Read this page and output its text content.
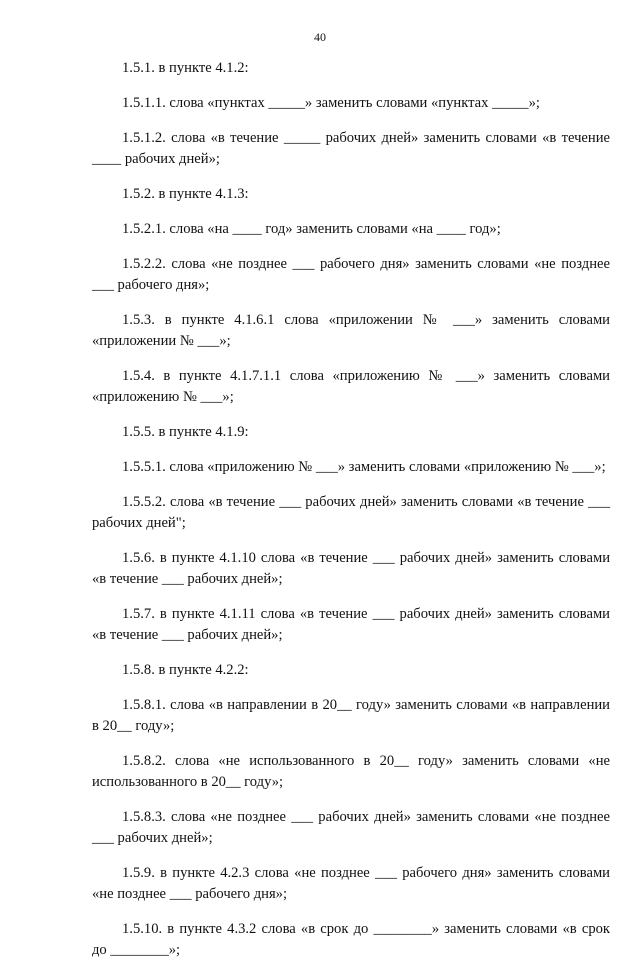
40

1.5.1. в пункте 4.1.2:

1.5.1.1. слова «пунктах _____» заменить словами «пунктах _____»;

1.5.1.2. слова «в течение _____ рабочих дней» заменить словами «в течение ____ рабочих дней»;

1.5.2. в пункте 4.1.3:

1.5.2.1. слова «на ____ год» заменить словами «на ____ год»;

1.5.2.2. слова «не позднее ___ рабочего дня» заменить словами «не позднее ___ рабочего дня»;

1.5.3. в пункте 4.1.6.1 слова «приложении № ___» заменить словами «приложении № ___»;

1.5.4. в пункте 4.1.7.1.1 слова «приложению № ___» заменить словами «приложению № ___»;

1.5.5. в пункте 4.1.9:

1.5.5.1. слова «приложению № ___» заменить словами «приложению № ___»;

1.5.5.2. слова «в течение ___ рабочих дней» заменить словами «в течение ___ рабочих дней";

1.5.6. в пункте 4.1.10 слова «в течение ___ рабочих дней» заменить словами «в течение ___ рабочих дней»;

1.5.7. в пункте 4.1.11 слова «в течение ___ рабочих дней» заменить словами «в течение ___ рабочих дней»;

1.5.8. в пункте 4.2.2:

1.5.8.1. слова «в направлении в 20__ году» заменить словами «в направлении в 20__ году»;

1.5.8.2. слова «не использованного в 20__ году» заменить словами «не использованного в 20__ году»;

1.5.8.3. слова «не позднее ___ рабочих дней» заменить словами «не позднее ___ рабочих дней»;

1.5.9. в пункте 4.2.3 слова «не позднее ___ рабочего дня» заменить словами «не позднее ___ рабочего дня»;

1.5.10. в пункте 4.3.2 слова «в срок до ________» заменить словами «в срок до ________»;
